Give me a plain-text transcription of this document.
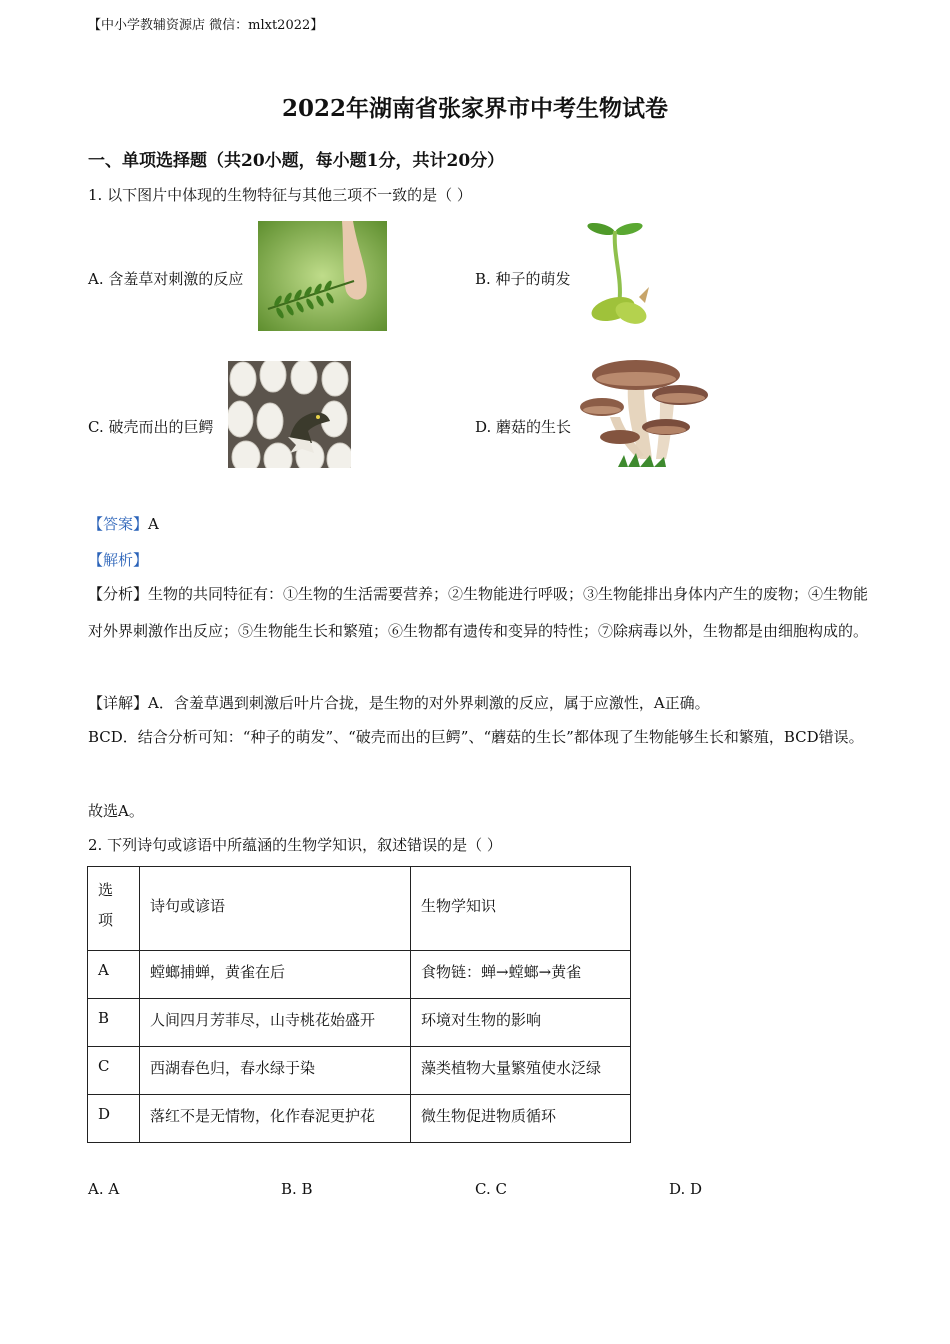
【中小学教辅资源店 微信：mlxt2022】
2022年湖南省张家界市中考生物试卷
一、单项选择题（共20小题，每小题1分，共计20分）
1. 以下图片中体现的生物特征与其他三项不一致的是（ ）
A. 含羞草对刺激的反应	B. 种子的萌发
C. 破壳而出的巨鳄	D. 蘑菇的生长
【答案】A
【解析】
【分析】生物的共同特征有：①生物的生活需要营养；②生物能进行呼吸；③生物能排出身体内产生的废物；④生物能对外界刺激作出反应；⑤生物能生长和繁殖；⑥生物都有遗传和变异的特性；⑦除病毒以外，生物都是由细胞构成的。
【详解】A．含羞草遇到刺激后叶片合拢，是生物的对外界刺激的反应，属于应激性，A正确。
BCD．结合分析可知：“种子的萌发”、“破壳而出的巨鳄”、“蘑菇的生长”都体现了生物能够生长和繁殖，BCD错误。
故选A。
2. 下列诗句或谚语中所蕴涵的生物学知识，叙述错误的是（ ）
选
项	诗句或谚语	生物学知识

A	螳螂捕蝉，黄雀在后	食物链：蝉→螳螂→黄雀
B	人间四月芳菲尽，山寺桃花始盛开	环境对生物的影响
C	西湖春色归，春水绿于染	藻类植物大量繁殖使水泛绿
D	落红不是无情物，化作春泥更护花	微生物促进物质循环
A. A	B. B	C. C	D. D
